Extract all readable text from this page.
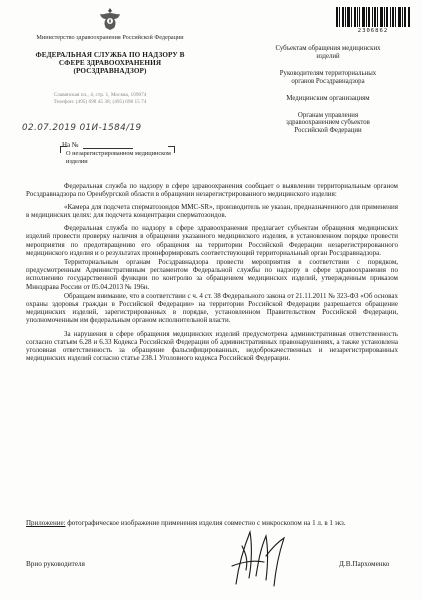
Министерство здравоохранения Российской Федерации
ФЕДЕРАЛЬНАЯ СЛУЖБА ПО НАДЗОРУ В СФЕРЕ ЗДРАВООХРАНЕНИЯ (РОСЗДРАВНАДЗОР)
Славянская пл., 4, стр. 1, Москва, 109074
Телефон: (495) 698 45 38; (495) 698 15 74
02.07.2019 01И-1584/19
На №
О незарегистрированном медицинском изделии
2306862
Субъектам обращения медицинских изделий
Руководителям территориальных органов Росздравнадзора
Медицинским организациям
Органам управления здравоохранением субъектов Российской Федерации

Федеральная служба по надзору в сфере здравоохранения сообщает о выявлении территориальным органом Росздравнадзора по Оренбургской области в обращении незарегистрированного медицинского изделия:

«Камера для подсчета сперматозоидов MMC-SR», производитель не указан, предназначенного для применения в медицинских целях: для подсчета концентрации сперматозоидов.

Федеральная служба по надзору в сфере здравоохранения предлагает субъектам обращения медицинских изделий провести проверку наличия в обращении указанного медицинского изделия, в установленном порядке провести мероприятия по предотвращению его обращения на территории Российской Федерации незарегистрированного медицинского изделия и о результатах проинформировать соответствующий территориальный орган Росздравнадзора.

Территориальным органам Росздравнадзора провести мероприятия в соответствии с порядком, предусмотренным Административным регламентом Федеральной службы по надзору в сфере здравоохранения по исполнению государственной функции по контролю за обращением медицинских изделий, утвержденным приказом Минздрава России от 05.04.2013 № 196н.

Обращаем внимание, что в соответствии с ч. 4 ст. 38 Федерального закона от 21.11.2011 № 323-ФЗ «Об основах охраны здоровья граждан в Российской Федерации» на территории Российской Федерации разрешается обращение медицинских изделий, зарегистрированных в порядке, установленном Правительством Российской Федерации, уполномоченным им федеральным органом исполнительной власти.

За нарушения в сфере обращения медицинских изделий предусмотрена административная ответственность согласно статьям 6.28 и 6.33 Кодекса Российской Федерации об административных правонарушениях, а также установлена уголовная ответственность за обращение фальсифицированных, недоброкачественных и незарегистрированных медицинских изделий согласно статье 238.1 Уголовного кодекса Российской Федерации.

Приложение: фотографическое изображение применения изделия совместно с микроскопом на 1 л. в 1 экз.
Врио руководителя	Д.В.Пархоменко
